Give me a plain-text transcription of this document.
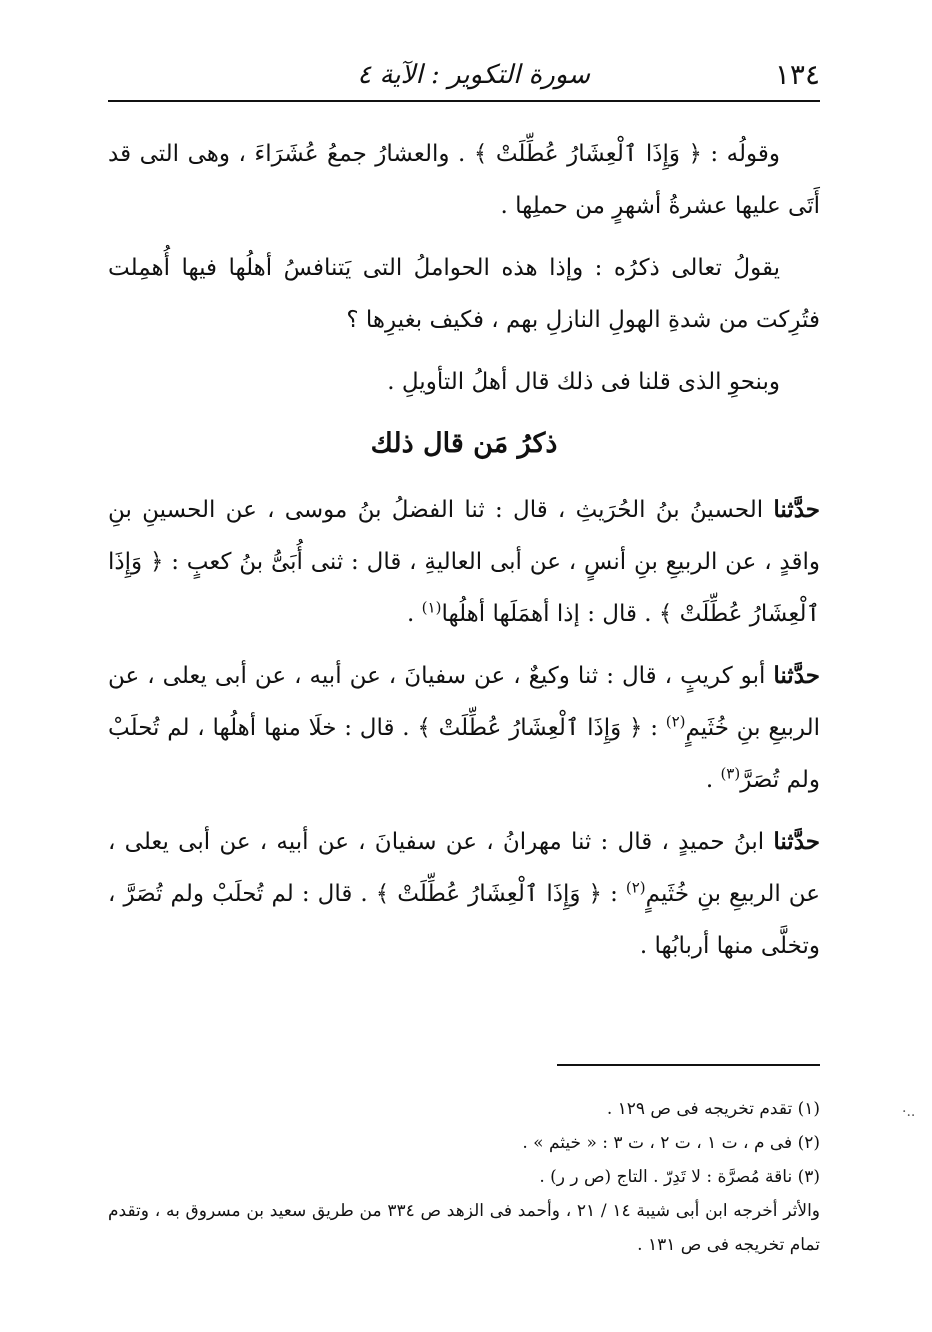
١٣٤
سورة التكوير : الآية ٤

وقولُه : ﴿ وَإِذَا ٱلْعِشَارُ عُطِّلَتْ ﴾ . والعشارُ جمعُ عُشَرَاءَ ، وهى التى قد أَتَى عليها عشرةُ أشهرٍ من حملِها .

يقولُ تعالى ذكرُه : وإذا هذه الحواملُ التى يَتنافسُ أهلُها فيها أُهمِلت فتُرِكت من شدةِ الهولِ النازلِ بهم ، فكيف بغيرِها ؟

وبنحوِ الذى قلنا فى ذلك قال أهلُ التأويلِ .

ذكرُ مَن قال ذلك

حدَّثنا الحسينُ بنُ الحُرَيثِ ، قال : ثنا الفضلُ بنُ موسى ، عن الحسينِ بنِ واقدٍ ، عن الربيعِ بنِ أنسٍ ، عن أبى العاليةِ ، قال : ثنى أُبَىُّ بنُ كعبٍ : ﴿ وَإِذَا ٱلْعِشَارُ عُطِّلَتْ ﴾ . قال : إذا أهمَلَها أهلُها$^{(١)}$ .

حدَّثنا أبو كريبٍ ، قال : ثنا وكيعٌ ، عن سفيانَ ، عن أبيه ، عن أبى يعلى ، عن الربيعِ بنِ خُثَيمٍ$^{(٢)}$ : ﴿ وَإِذَا ٱلْعِشَارُ عُطِّلَتْ ﴾ . قال : خلَا منها أهلُها ، لم تُحلَبْ ولم تُصَرَّ$^{(٣)}$ .

حدَّثنا ابنُ حميدٍ ، قال : ثنا مهرانُ ، عن سفيانَ ، عن أبيه ، عن أبى يعلى ، عن الربيعِ بنِ خُثَيمٍ$^{(٢)}$ : ﴿ وَإِذَا ٱلْعِشَارُ عُطِّلَتْ ﴾ . قال : لم تُحلَبْ ولم تُصَرَّ ، وتخلَّى منها أربابُها .

(١) تقدم تخريجه فى ص ١٢٩ .

(٢) فى م ، ت ١ ، ت ٢ ، ت ٣ : « خيثم » .

(٣) ناقة مُصرَّة : لا تَدِرّ . التاج (ص ر ر) .

والأثر أخرجه ابن أبى شيبة ١٤ / ٢١ ، وأحمد فى الزهد ص ٣٣٤ من طريق سعيد بن مسروق به ، وتقدم تمام تخريجه فى ص ١٣١ .

·..
